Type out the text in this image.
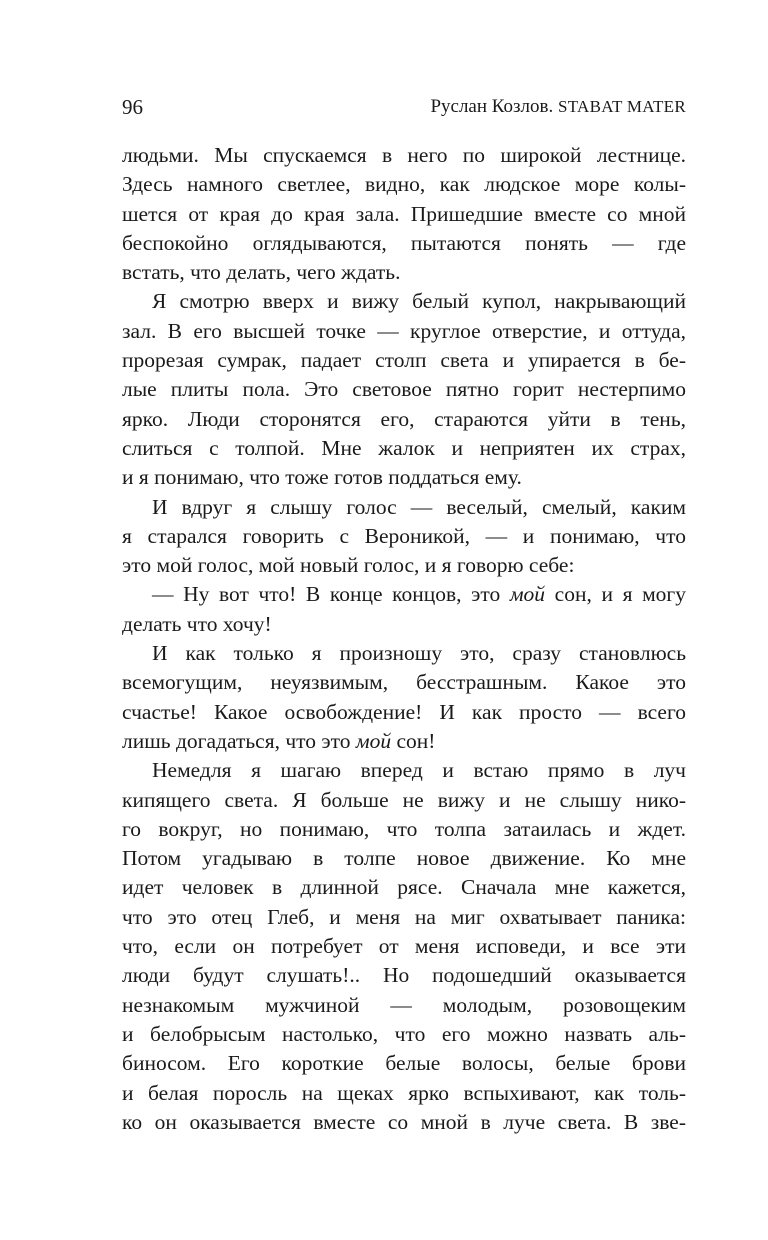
96	Руслан Козлов. STABAT MATER
людьми. Мы спускаемся в него по широкой лестнице.
Здесь намного светлее, видно, как людское море колы-
шется от края до края зала. Пришедшие вместе со мной
беспокойно оглядываются, пытаются понять — где
встать, что делать, чего ждать.
Я смотрю вверх и вижу белый купол, накрывающий
зал. В его высшей точке — круглое отверстие, и оттуда,
прорезая сумрак, падает столп света и упирается в бе-
лые плиты пола. Это световое пятно горит нестерпимо
ярко. Люди сторонятся его, стараются уйти в тень,
слиться с толпой. Мне жалок и неприятен их страх,
и я понимаю, что тоже готов поддаться ему.
И вдруг я слышу голос — веселый, смелый, каким
я старался говорить с Вероникой, — и понимаю, что
это мой голос, мой новый голос, и я говорю себе:
— Ну вот что! В конце концов, это мой сон, и я могу
делать что хочу!
И как только я произношу это, сразу становлюсь
всемогущим, неуязвимым, бесстрашным. Какое это
счастье! Какое освобождение! И как просто — всего
лишь догадаться, что это мой сон!
Немедля я шагаю вперед и встаю прямо в луч
кипящего света. Я больше не вижу и не слышу нико-
го вокруг, но понимаю, что толпа затаилась и ждет.
Потом угадываю в толпе новое движение. Ко мне
идет человек в длинной рясе. Сначала мне кажется,
что это отец Глеб, и меня на миг охватывает паника:
что, если он потребует от меня исповеди, и все эти
люди будут слушать!.. Но подошедший оказывается
незнакомым мужчиной — молодым, розовощеким
и белобрысым настолько, что его можно назвать аль-
биносом. Его короткие белые волосы, белые брови
и белая поросль на щеках ярко вспыхивают, как толь-
ко он оказывается вместе со мной в луче света. В зве-
